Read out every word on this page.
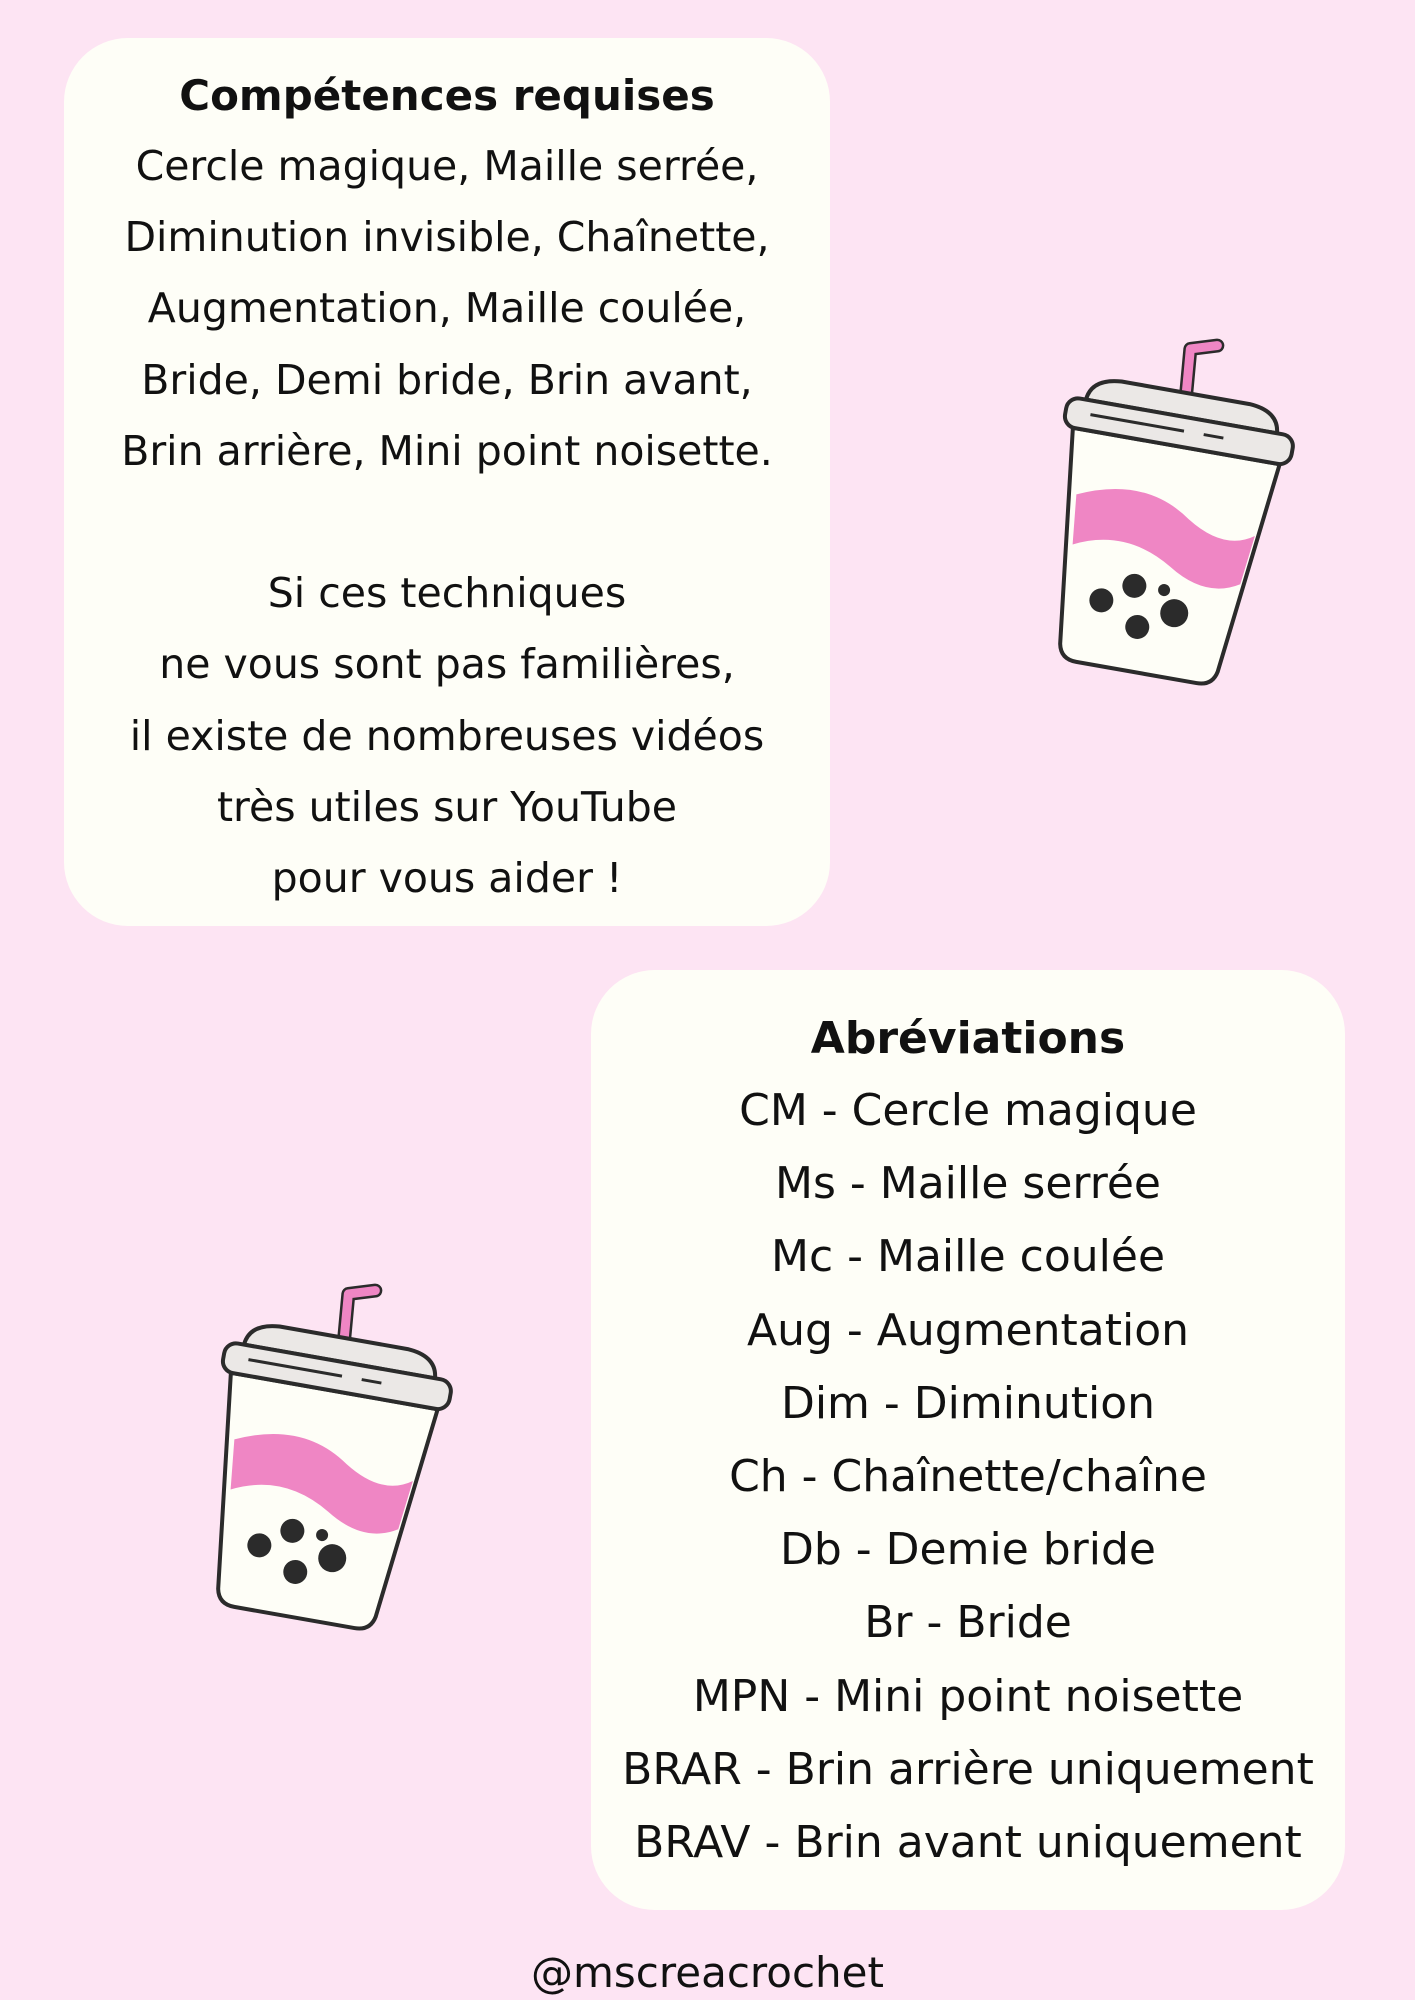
Compétences requises

Cercle magique, Maille serrée,
Diminution invisible, Chaînette,
Augmentation, Maille coulée,
Bride, Demi bride, Brin avant,
Brin arrière, Mini point noisette.
Si ces techniques
ne vous sont pas familières,
il existe de nombreuses vidéos
très utiles sur YouTube
pour vous aider !

Abréviations

CM - Cercle magique
Ms - Maille serrée
Mc - Maille coulée
Aug - Augmentation
Dim - Diminution
Ch - Chaînette/chaîne
Db - Demie bride
Br - Bride
MPN - Mini point noisette
BRAR - Brin arrière uniquement
BRAV - Brin avant uniquement
@mscreacrochet
